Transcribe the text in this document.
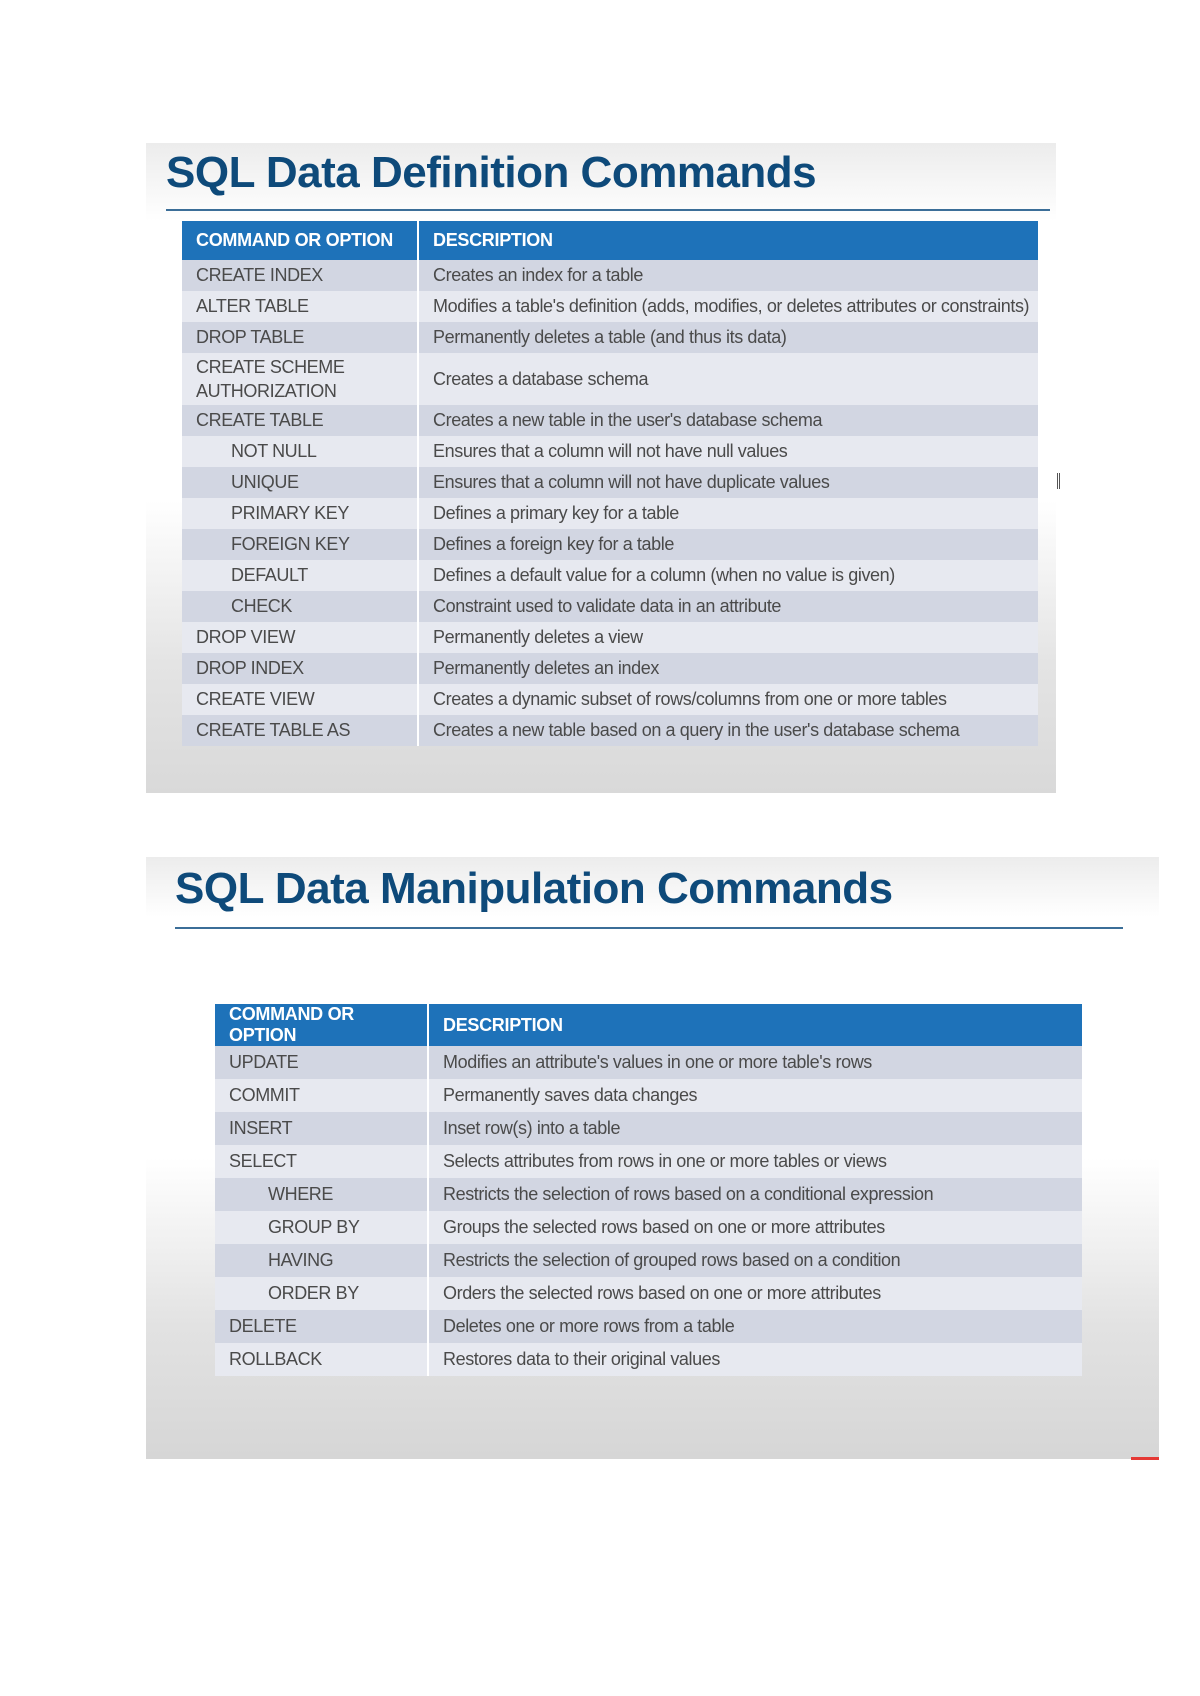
SQL Data Definition Commands
COMMAND OR OPTION	DESCRIPTION
CREATE INDEX	Creates an index for a table
ALTER TABLE	Modifies a table's definition (adds, modifies, or deletes attributes or constraints)
DROP TABLE	Permanently deletes a table (and thus its data)
CREATE SCHEME AUTHORIZATION	Creates a database schema
CREATE TABLE	Creates a new table in the user's database schema
NOT NULL	Ensures that a column will not have null values
UNIQUE	Ensures that a column will not have duplicate values
PRIMARY KEY	Defines a primary key for a table
FOREIGN KEY	Defines a foreign key for a table
DEFAULT	Defines a default value for a column (when no value is given)
CHECK	Constraint used to validate data in an attribute
DROP VIEW	Permanently deletes a view
DROP INDEX	Permanently deletes an index
CREATE VIEW	Creates a dynamic subset of rows/columns from one or more tables
CREATE TABLE AS	Creates a new table based on a query in the user's database schema
SQL Data Manipulation Commands
COMMAND OR OPTION	DESCRIPTION
UPDATE	Modifies an attribute's values in one or more table's rows
COMMIT	Permanently saves data changes
INSERT	Inset row(s) into a table
SELECT	Selects attributes from rows in one or more tables or views
WHERE	Restricts the selection of rows based on a conditional expression
GROUP BY	Groups the selected rows based on one or more attributes
HAVING	Restricts the selection of grouped rows based on a condition
ORDER BY	Orders the selected rows based on one or more attributes
DELETE	Deletes one or more rows from a table
ROLLBACK	Restores data to their original values
